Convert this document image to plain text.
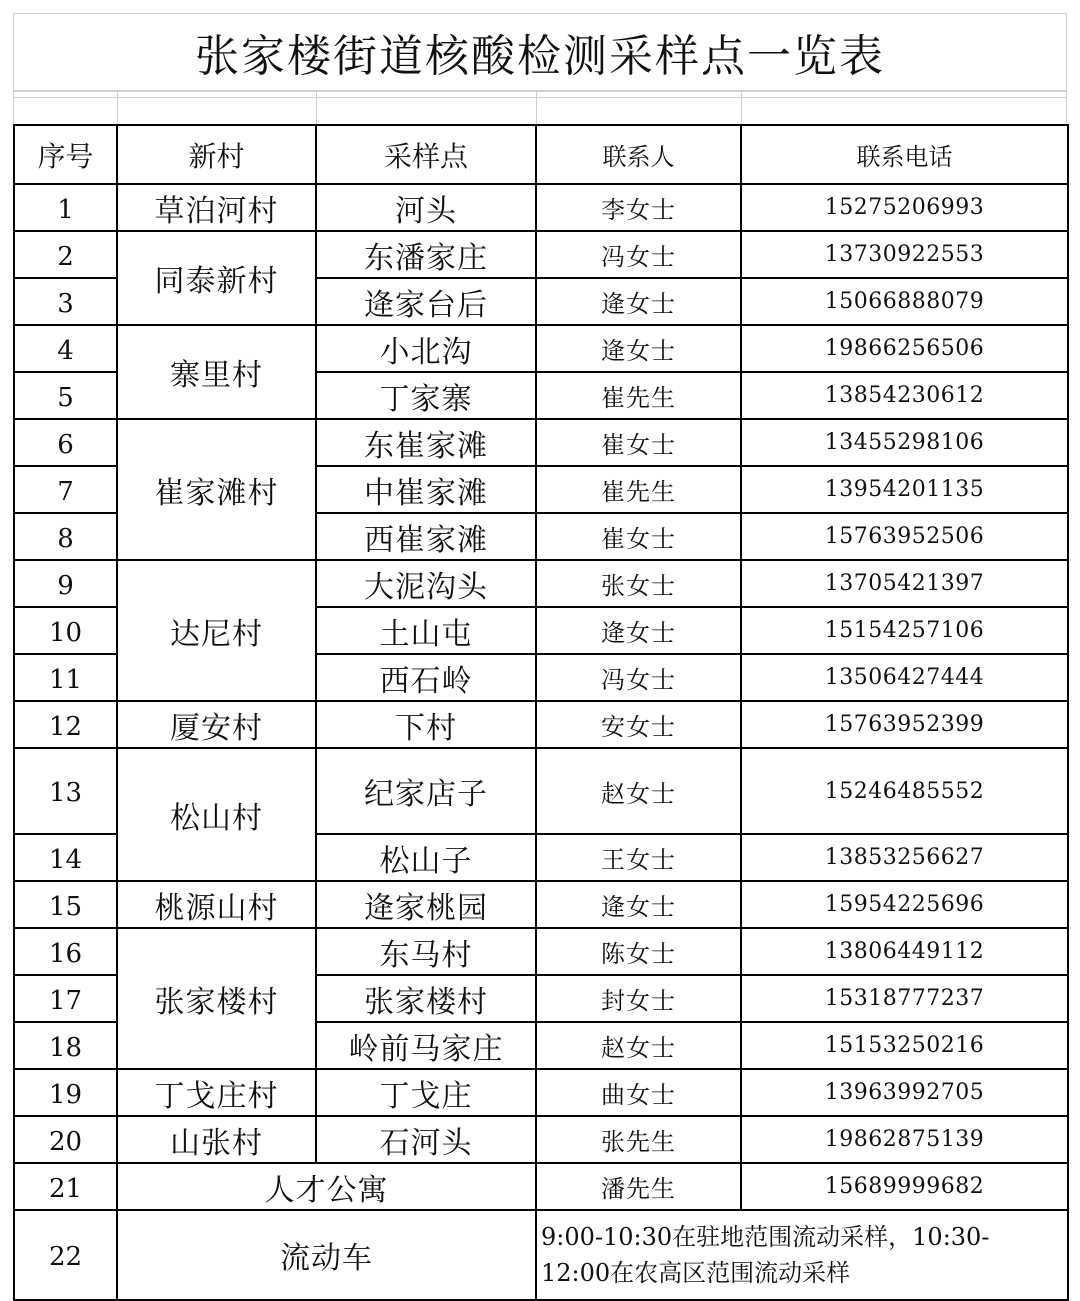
张家楼街道核酸检测采样点一览表
序号	新村	采样点	联系人	联系电话
1	草泊河村	河头	李女士	15275206993
2	同泰新村	东潘家庄	冯女士	13730922553
3		逄家台后	逄女士	15066888079
4	寨里村	小北沟	逄女士	19866256506
5		丁家寨	崔先生	13854230612
6	崔家滩村	东崔家滩	崔女士	13455298106
7		中崔家滩	崔先生	13954201135
8		西崔家滩	崔女士	15763952506
9	达尼村	大泥沟头	张女士	13705421397
10		土山屯	逄女士	15154257106
11		西石岭	冯女士	13506427444
12	厦安村	下村	安女士	15763952399
13	松山村	纪家店子	赵女士	15246485552
14		松山子	王女士	13853256627
15	桃源山村	逄家桃园	逄女士	15954225696
16	张家楼村	东马村	陈女士	13806449112
17		张家楼村	封女士	15318777237
18		岭前马家庄	赵女士	15153250216
19	丁戈庄村	丁戈庄	曲女士	13963992705
20	山张村	石河头	张先生	19862875139
21	人才公寓		潘先生	15689999682
22	流动车		9:00-10:30在驻地范围流动采样，10:30-
12:00在农高区范围流动采样	
